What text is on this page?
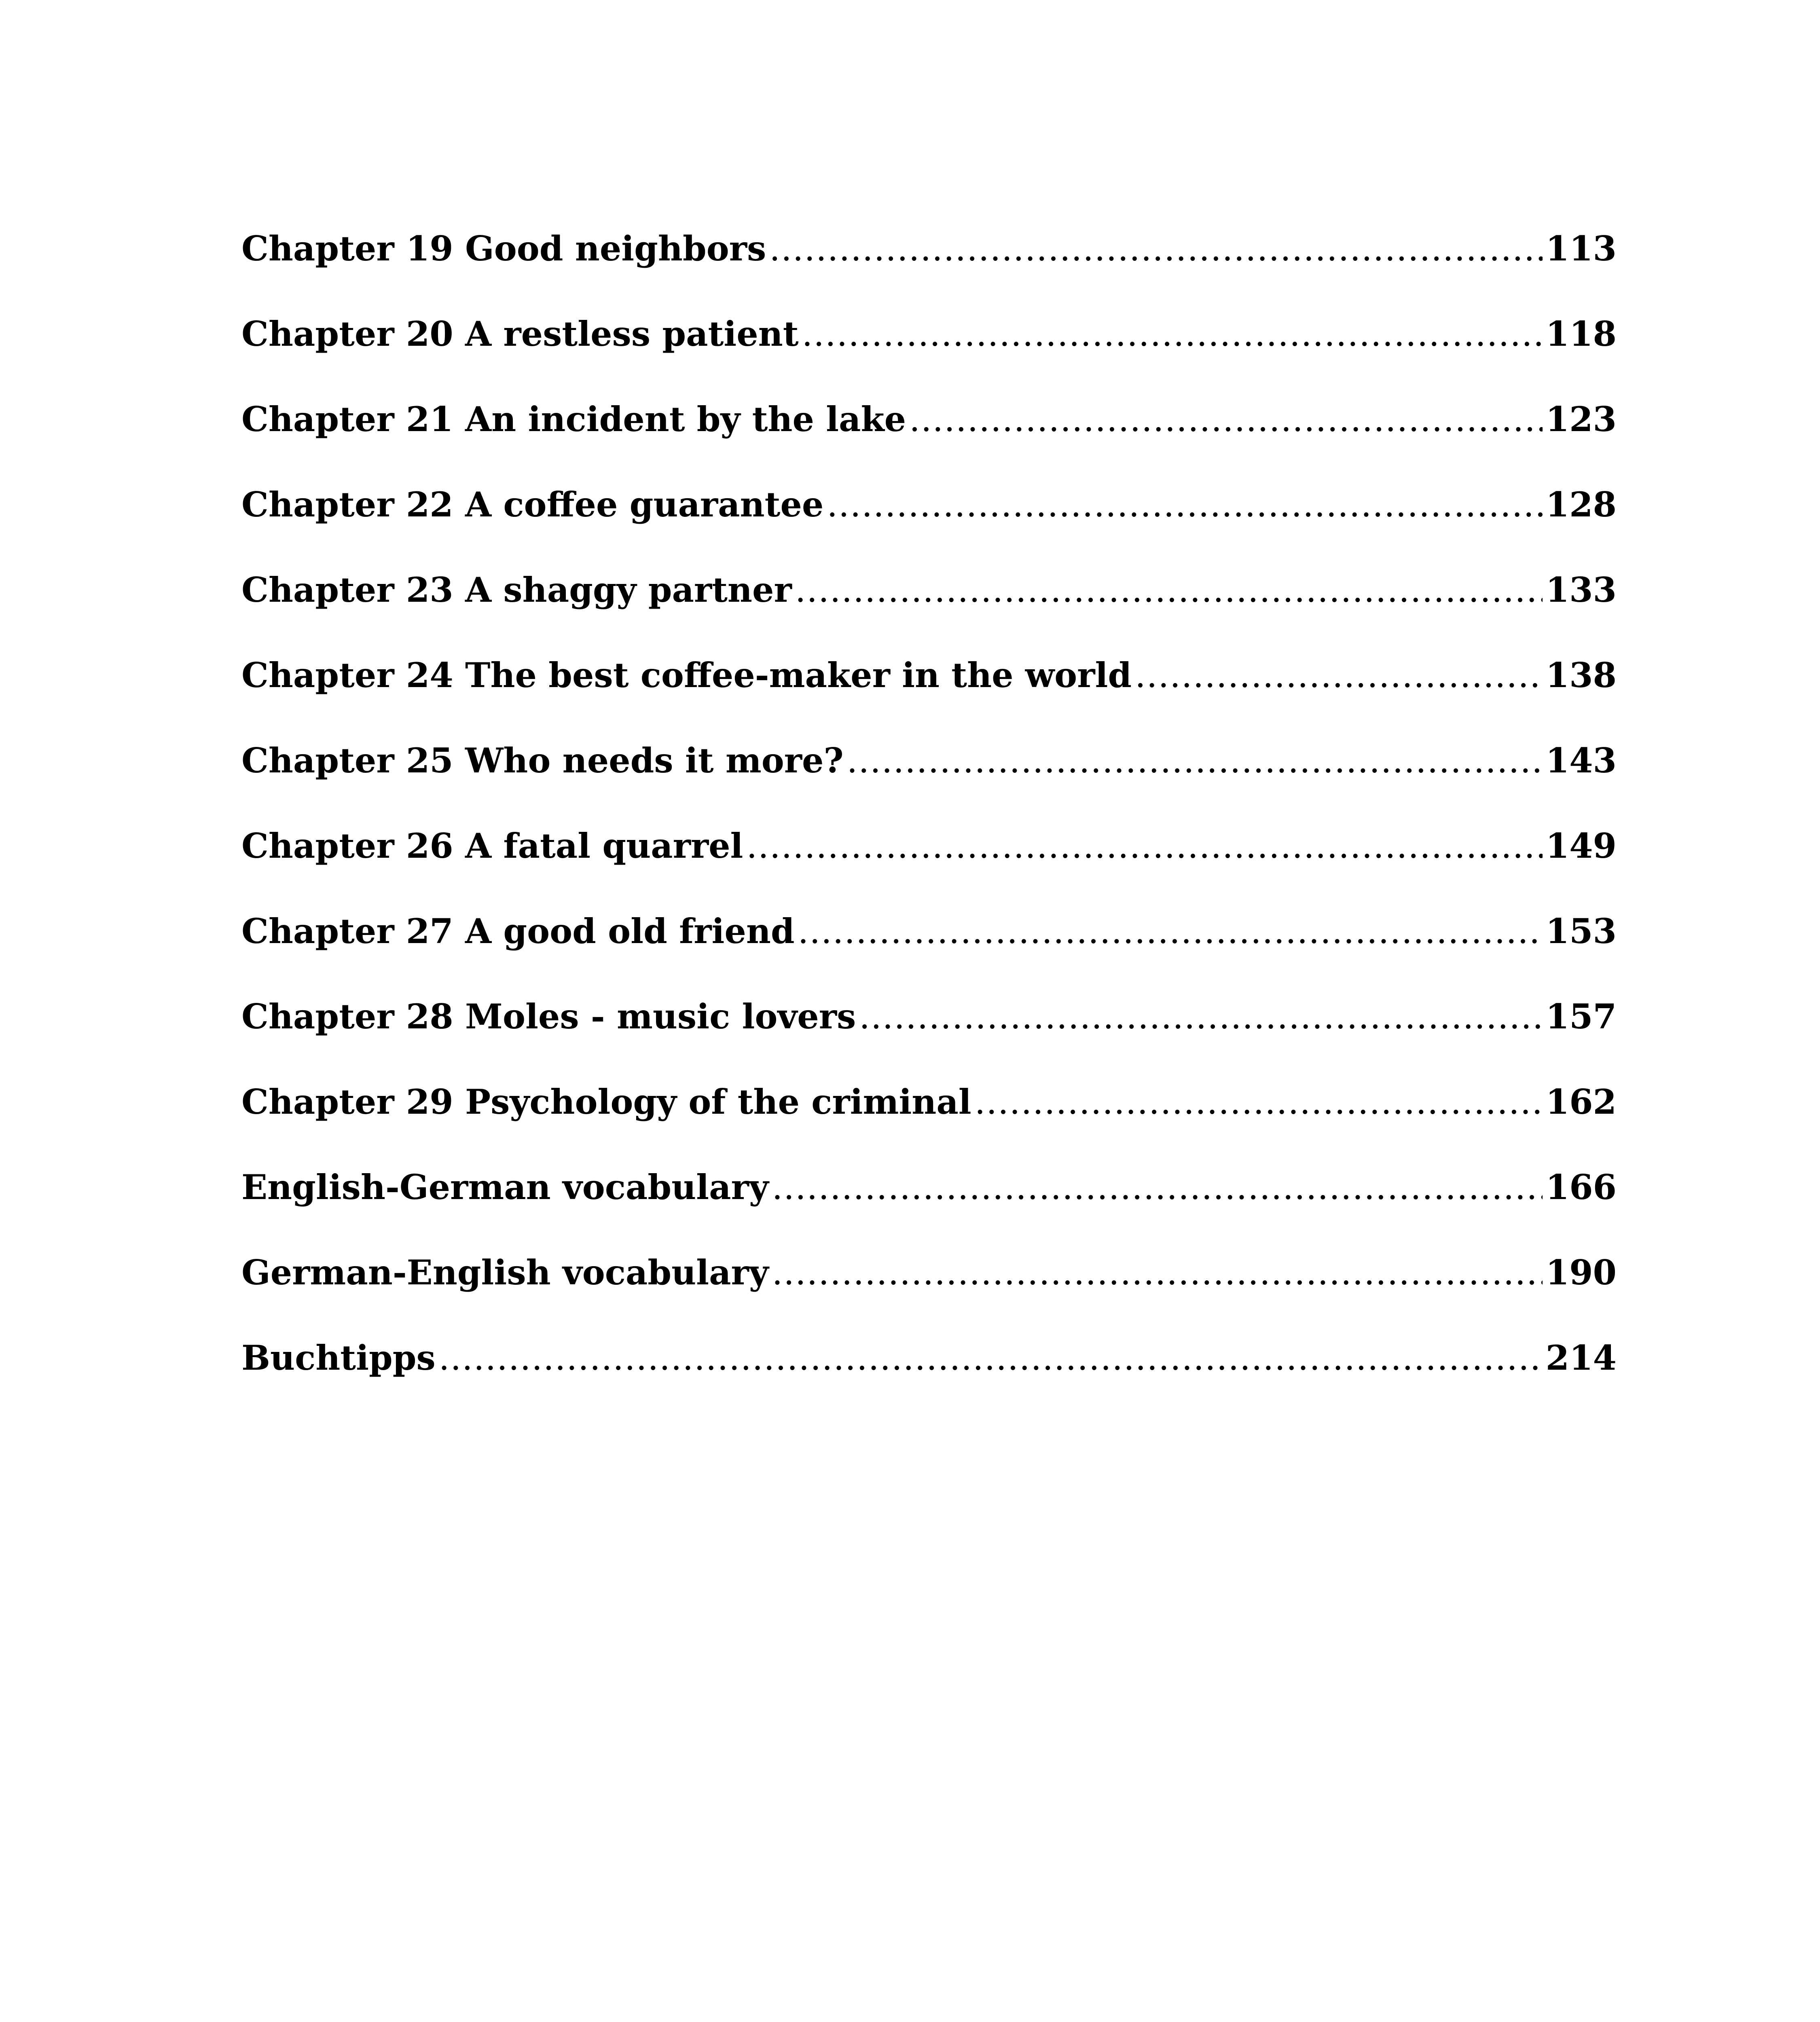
Chapter 19 Good neighbors .....	113
Chapter 20 A restless patient .....	118
Chapter 21 An incident by the lake .....	123
Chapter 22 A coffee guarantee .....	128
Chapter 23 A shaggy partner .....	133
Chapter 24 The best coffee-maker in the world .....	138
Chapter 25 Who needs it more? .....	143
Chapter 26 A fatal quarrel .....	149
Chapter 27 A good old friend .....	153
Chapter 28 Moles - music lovers .....	157
Chapter 29 Psychology of the criminal .....	162
English-German vocabulary .....	166
German-English vocabulary .....	190
Buchtipps .....	214
